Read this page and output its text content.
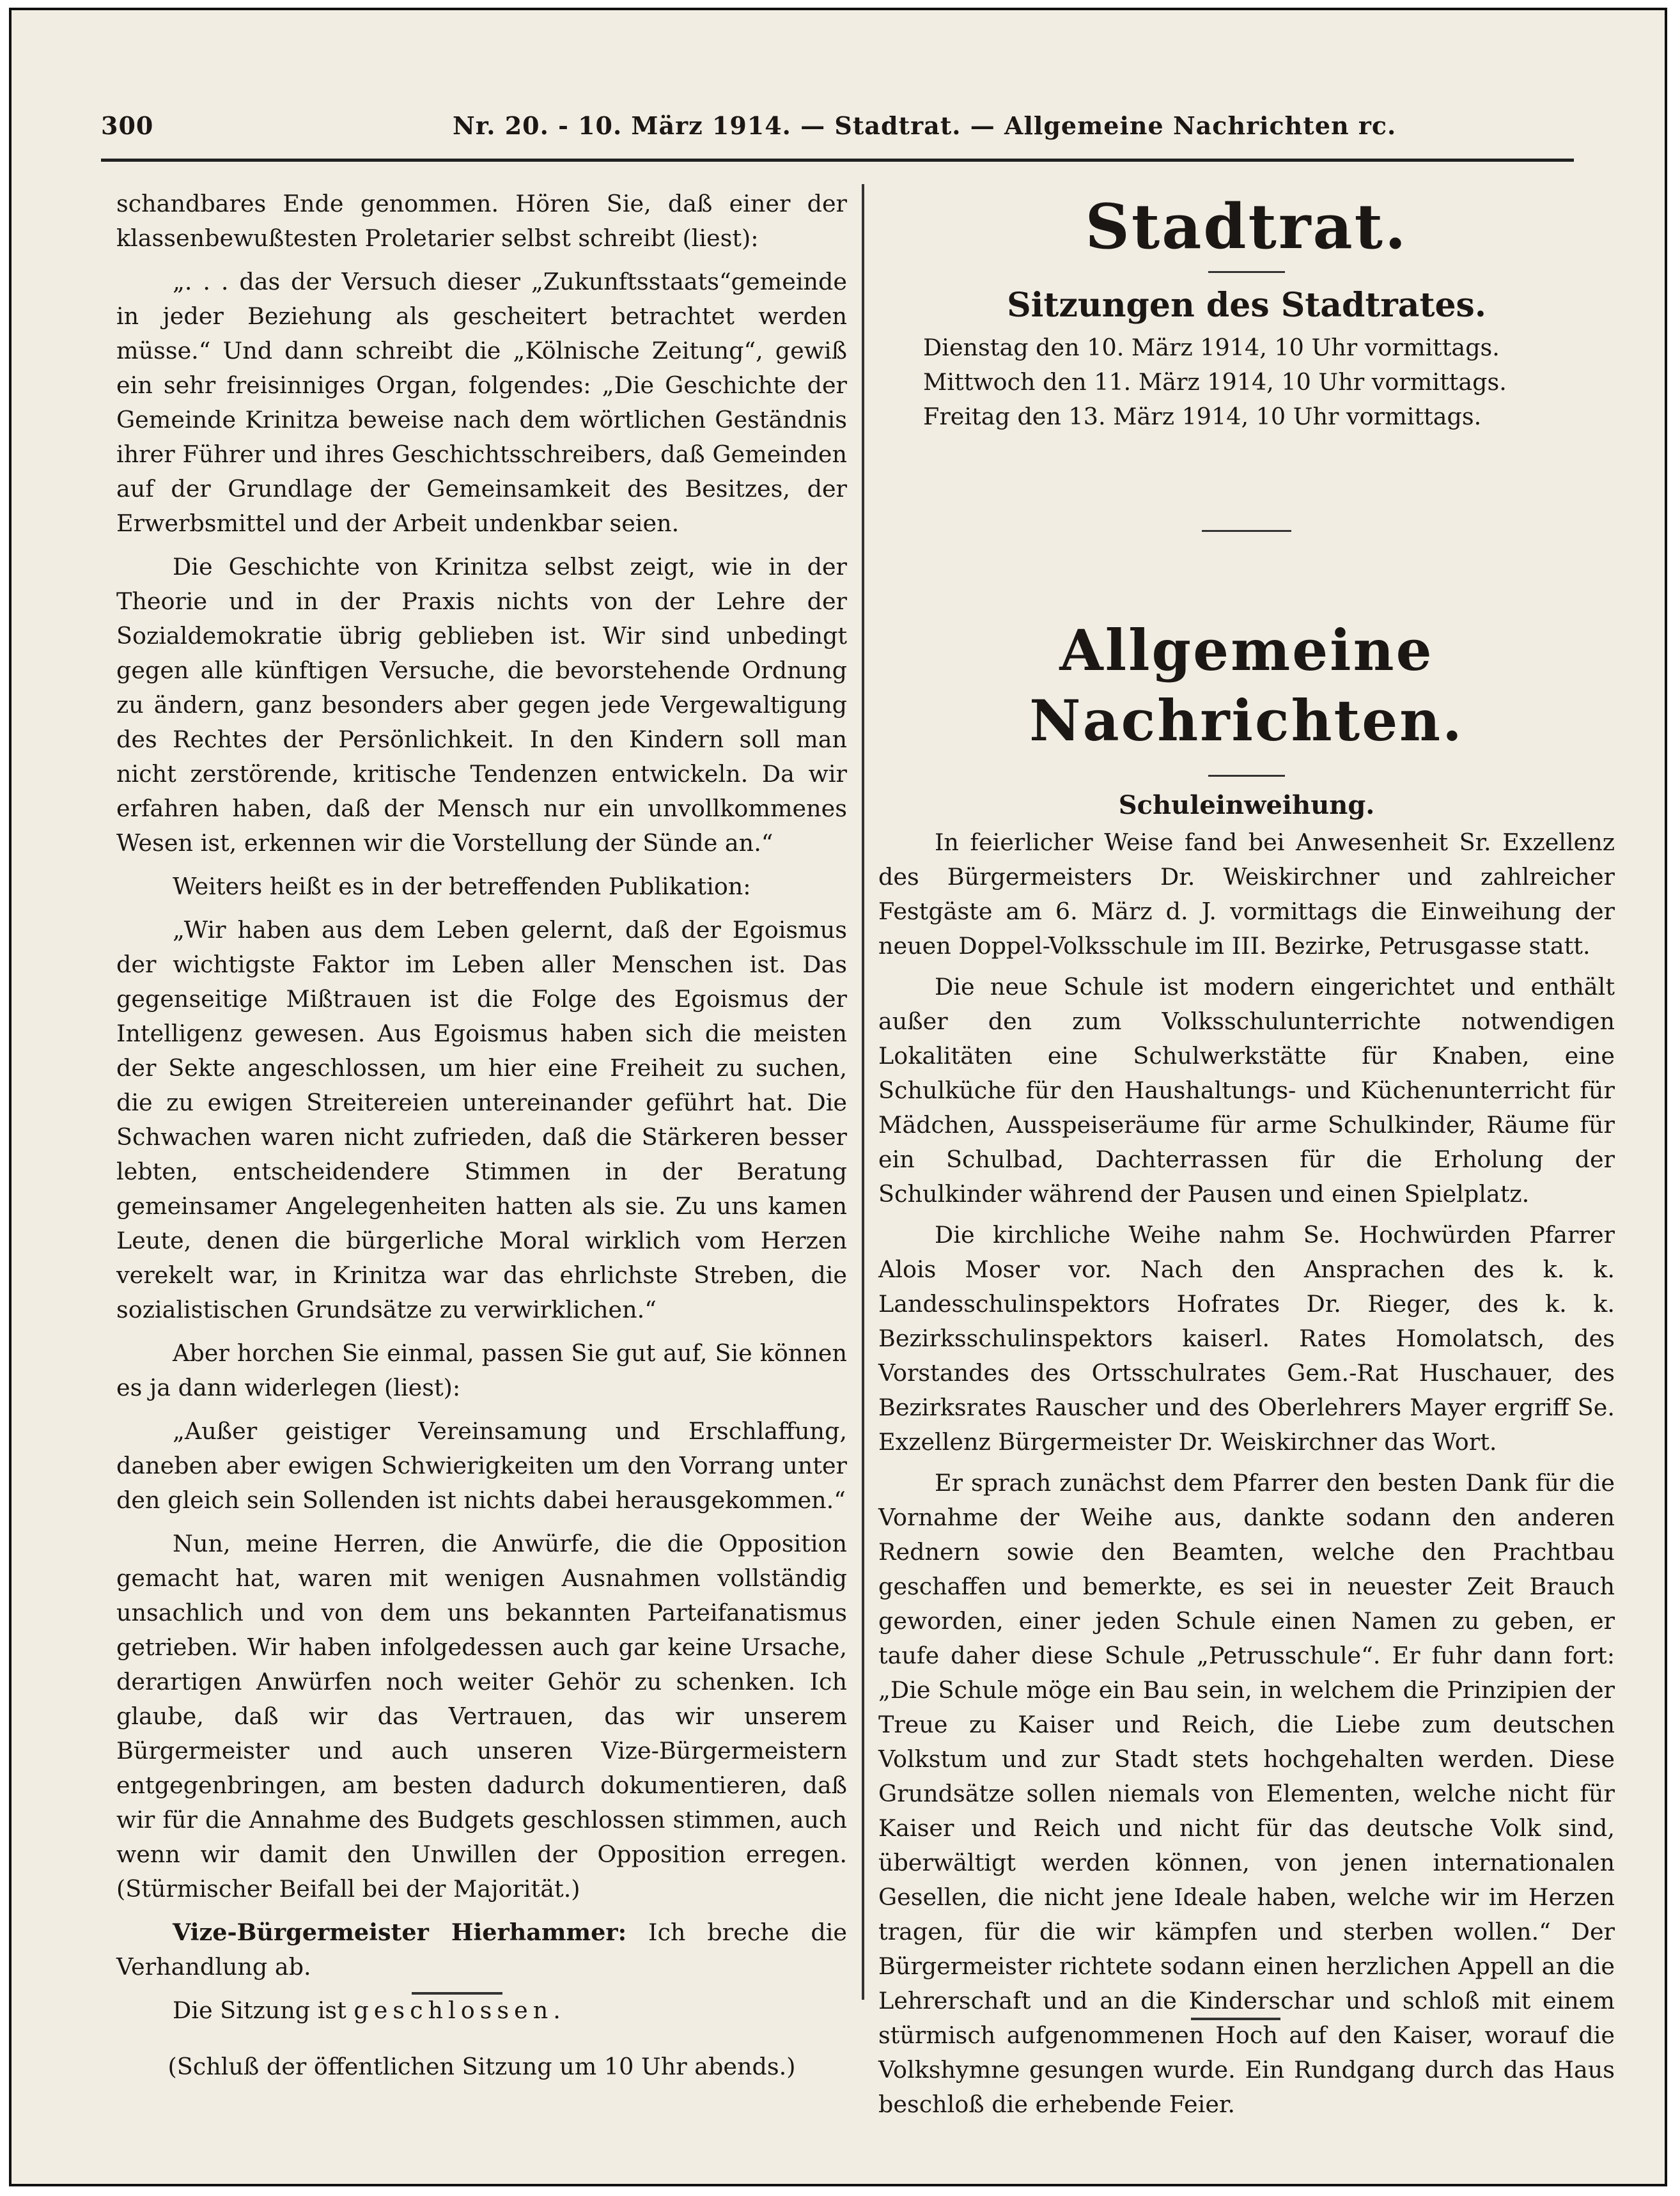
300	Nr. 20. - 10. März 1914. — Stadtrat. — Allgemeine Nachrichten rc.

schandbares Ende genommen. Hören Sie, daß einer der klassenbewußtesten Proletarier selbst schreibt (liest):

„. . . das der Versuch dieser „Zukunftsstaats“gemeinde in jeder Beziehung als gescheitert betrachtet werden müsse.“ Und dann schreibt die „Kölnische Zeitung“, gewiß ein sehr freisinniges Organ, folgendes: „Die Geschichte der Gemeinde Krinitza beweise nach dem wörtlichen Geständnis ihrer Führer und ihres Geschichtsschreibers, daß Gemeinden auf der Grundlage der Gemeinsamkeit des Besitzes, der Erwerbsmittel und der Arbeit undenkbar seien.

Die Geschichte von Krinitza selbst zeigt, wie in der Theorie und in der Praxis nichts von der Lehre der Sozialdemokratie übrig geblieben ist. Wir sind unbedingt gegen alle künftigen Versuche, die bevorstehende Ordnung zu ändern, ganz besonders aber gegen jede Vergewaltigung des Rechtes der Persönlichkeit. In den Kindern soll man nicht zerstörende, kritische Tendenzen entwickeln. Da wir erfahren haben, daß der Mensch nur ein unvollkommenes Wesen ist, erkennen wir die Vorstellung der Sünde an.“

Weiters heißt es in der betreffenden Publikation:

„Wir haben aus dem Leben gelernt, daß der Egoismus der wichtigste Faktor im Leben aller Menschen ist. Das gegenseitige Mißtrauen ist die Folge des Egoismus der Intelligenz gewesen. Aus Egoismus haben sich die meisten der Sekte angeschlossen, um hier eine Freiheit zu suchen, die zu ewigen Streitereien untereinander geführt hat. Die Schwachen waren nicht zufrieden, daß die Stärkeren besser lebten, entscheidendere Stimmen in der Beratung gemeinsamer Angelegenheiten hatten als sie. Zu uns kamen Leute, denen die bürgerliche Moral wirklich vom Herzen verekelt war, in Krinitza war das ehrlichste Streben, die sozialistischen Grundsätze zu verwirklichen.“

Aber horchen Sie einmal, passen Sie gut auf, Sie können es ja dann widerlegen (liest):

„Außer geistiger Vereinsamung und Erschlaffung, daneben aber ewigen Schwierigkeiten um den Vorrang unter den gleich sein Sollenden ist nichts dabei herausgekommen.“

Nun, meine Herren, die Anwürfe, die die Opposition gemacht hat, waren mit wenigen Ausnahmen vollständig unsachlich und von dem uns bekannten Parteifanatismus getrieben. Wir haben infolgedessen auch gar keine Ursache, derartigen Anwürfen noch weiter Gehör zu schenken. Ich glaube, daß wir das Vertrauen, das wir unserem Bürgermeister und auch unseren Vize-Bürgermeistern entgegenbringen, am besten dadurch dokumentieren, daß wir für die Annahme des Budgets geschlossen stimmen, auch wenn wir damit den Unwillen der Opposition erregen. (Stürmischer Beifall bei der Majorität.)

Vize-Bürgermeister Hierhammer: Ich breche die Verhandlung ab.

Die Sitzung ist geschlossen.

(Schluß der öffentlichen Sitzung um 10 Uhr abends.)

Stadtrat.
Sitzungen des Stadtrates.

Dienstag den 10. März 1914, 10 Uhr vormittags.

Mittwoch den 11. März 1914, 10 Uhr vormittags.

Freitag den 13. März 1914, 10 Uhr vormittags.

Allgemeine Nachrichten.
Schuleinweihung.

In feierlicher Weise fand bei Anwesenheit Sr. Exzellenz des Bürgermeisters Dr. Weiskirchner und zahlreicher Festgäste am 6. März d. J. vormittags die Einweihung der neuen Doppel-Volksschule im III. Bezirke, Petrusgasse statt.

Die neue Schule ist modern eingerichtet und enthält außer den zum Volksschulunterrichte notwendigen Lokalitäten eine Schulwerkstätte für Knaben, eine Schulküche für den Haushaltungs- und Küchenunterricht für Mädchen, Ausspeiseräume für arme Schulkinder, Räume für ein Schulbad, Dachterrassen für die Erholung der Schulkinder während der Pausen und einen Spielplatz.

Die kirchliche Weihe nahm Se. Hochwürden Pfarrer Alois Moser vor. Nach den Ansprachen des k. k. Landesschulinspektors Hofrates Dr. Rieger, des k. k. Bezirksschulinspektors kaiserl. Rates Homolatsch, des Vorstandes des Ortsschulrates Gem.-Rat Huschauer, des Bezirksrates Rauscher und des Oberlehrers Mayer ergriff Se. Exzellenz Bürgermeister Dr. Weiskirchner das Wort.

Er sprach zunächst dem Pfarrer den besten Dank für die Vornahme der Weihe aus, dankte sodann den anderen Rednern sowie den Beamten, welche den Prachtbau geschaffen und bemerkte, es sei in neuester Zeit Brauch geworden, einer jeden Schule einen Namen zu geben, er taufe daher diese Schule „Petrusschule“. Er fuhr dann fort: „Die Schule möge ein Bau sein, in welchem die Prinzipien der Treue zu Kaiser und Reich, die Liebe zum deutschen Volkstum und zur Stadt stets hochgehalten werden. Diese Grundsätze sollen niemals von Elementen, welche nicht für Kaiser und Reich und nicht für das deutsche Volk sind, überwältigt werden können, von jenen internationalen Gesellen, die nicht jene Ideale haben, welche wir im Herzen tragen, für die wir kämpfen und sterben wollen.“ Der Bürgermeister richtete sodann einen herzlichen Appell an die Lehrerschaft und an die Kinderschar und schloß mit einem stürmisch aufgenommenen Hoch auf den Kaiser, worauf die Volkshymne gesungen wurde. Ein Rundgang durch das Haus beschloß die erhebende Feier.
